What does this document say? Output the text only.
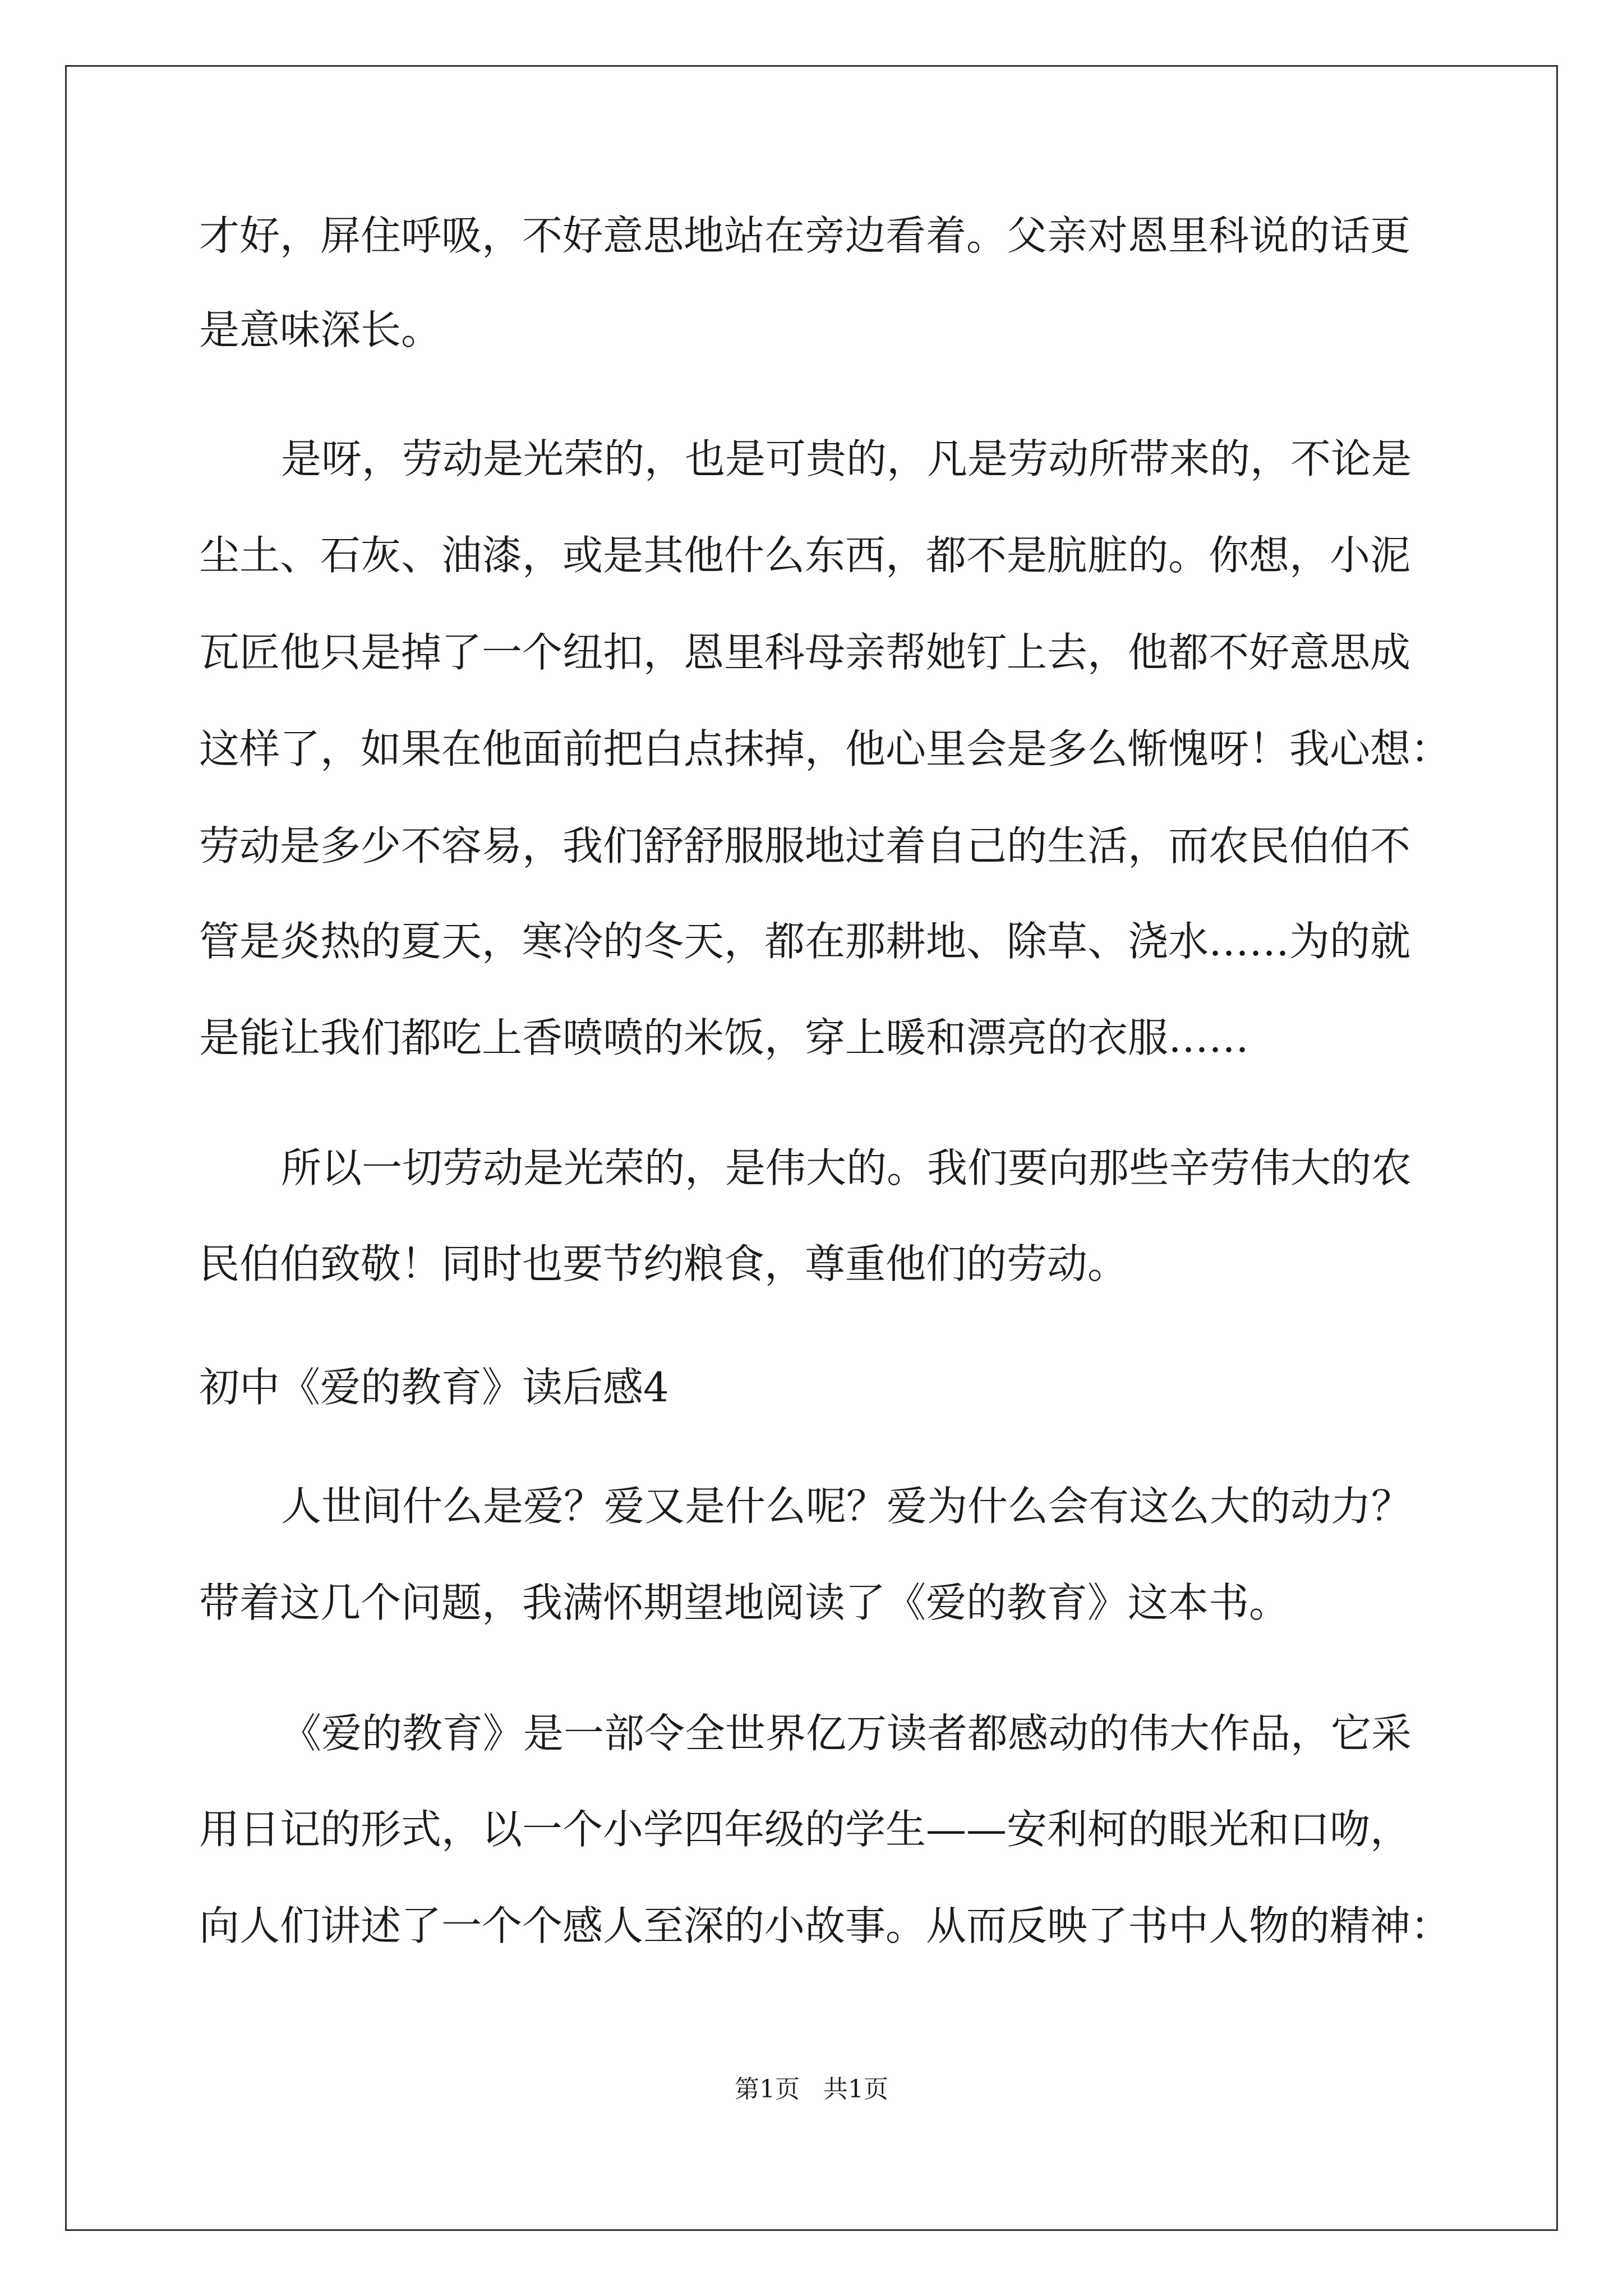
才好，屏住呼吸，不好意思地站在旁边看着。父亲对恩里科说的话更
是意味深长。
是呀，劳动是光荣的，也是可贵的，凡是劳动所带来的，不论是
尘土、石灰、油漆，或是其他什么东西，都不是肮脏的。你想，小泥
瓦匠他只是掉了一个纽扣，恩里科母亲帮她钉上去，他都不好意思成
这样了，如果在他面前把白点抹掉，他心里会是多么惭愧呀！我心想：
劳动是多少不容易，我们舒舒服服地过着自己的生活，而农民伯伯不
管是炎热的夏天，寒冷的冬天，都在那耕地、除草、浇水……为的就
是能让我们都吃上香喷喷的米饭，穿上暖和漂亮的衣服……
所以一切劳动是光荣的，是伟大的。我们要向那些辛劳伟大的农
民伯伯致敬！同时也要节约粮食，尊重他们的劳动。
初中《爱的教育》读后感4
人世间什么是爱？爱又是什么呢？爱为什么会有这么大的动力？
带着这几个问题，我满怀期望地阅读了《爱的教育》这本书。
《爱的教育》是一部令全世界亿万读者都感动的伟大作品，它采
用日记的形式，以一个小学四年级的学生——安利柯的眼光和口吻，
向人们讲述了一个个感人至深的小故事。从而反映了书中人物的精神：
第1页   共1页
